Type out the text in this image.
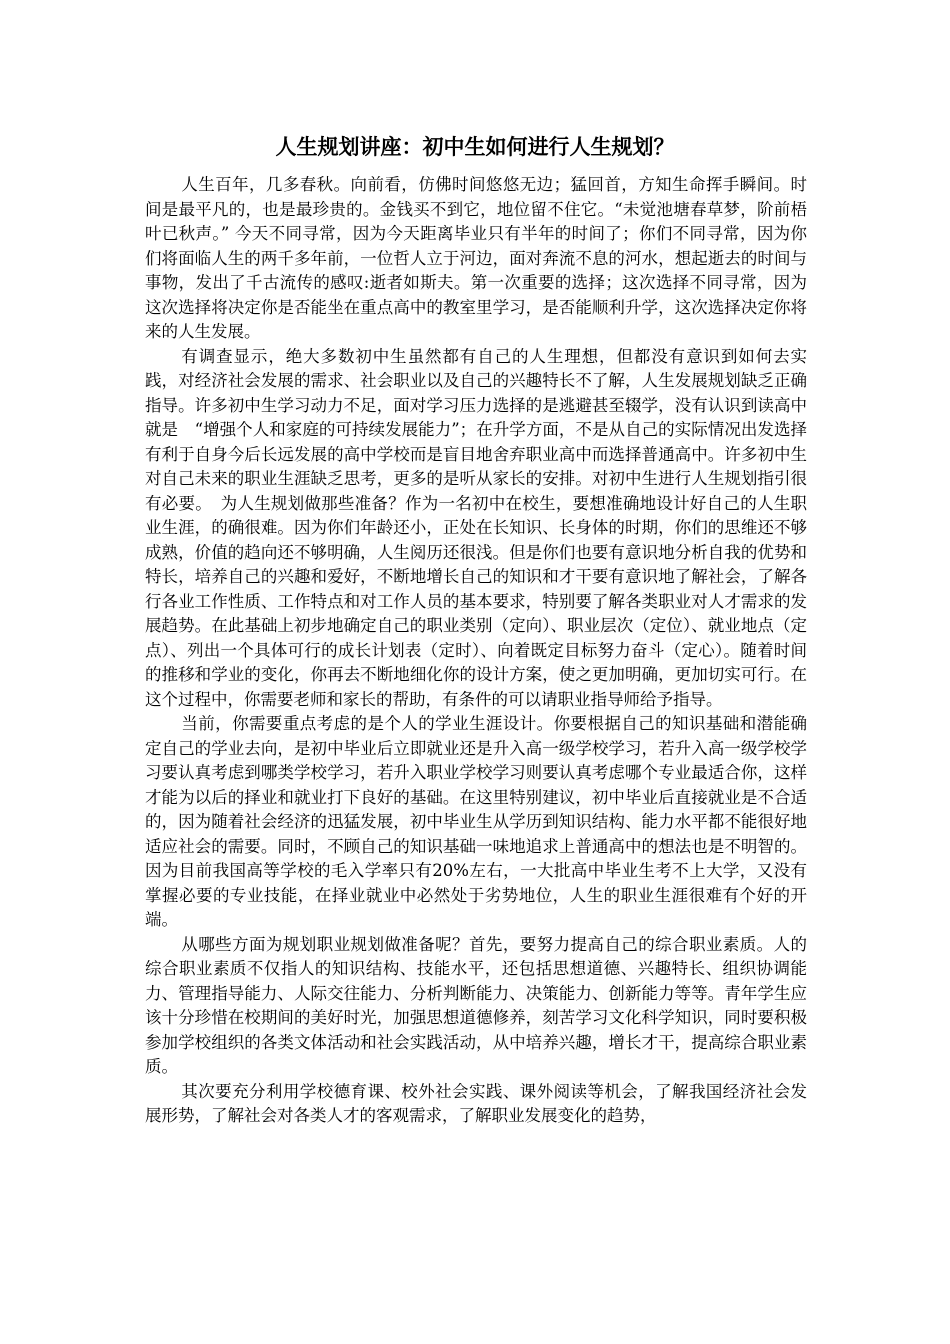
人生规划讲座：初中生如何进行人生规划？

人生百年，几多春秋。向前看，仿佛时间悠悠无边；猛回首，方知生命挥手瞬间。时间是最平凡的，也是最珍贵的。金钱买不到它，地位留不住它。“未觉池塘春草梦，阶前梧叶已秋声。” 今天不同寻常，因为今天距离毕业只有半年的时间了；你们不同寻常，因为你们将面临人生的两千多年前，一位哲人立于河边，面对奔流不息的河水，想起逝去的时间与事物，发出了千古流传的感叹:逝者如斯夫。第一次重要的选择；这次选择不同寻常，因为这次选择将决定你是否能坐在重点高中的教室里学习，是否能顺利升学，这次选择决定你将来的人生发展。

有调查显示，绝大多数初中生虽然都有自己的人生理想，但都没有意识到如何去实践，对经济社会发展的需求、社会职业以及自己的兴趣特长不了解，人生发展规划缺乏正确指导。许多初中生学习动力不足，面对学习压力选择的是逃避甚至辍学，没有认识到读高中就是　“增强个人和家庭的可持续发展能力”；在升学方面，不是从自己的实际情况出发选择有利于自身今后长远发展的高中学校而是盲目地舍弃职业高中而选择普通高中。许多初中生对自己未来的职业生涯缺乏思考，更多的是听从家长的安排。对初中生进行人生规划指引很有必要。　为人生规划做那些准备？作为一名初中在校生，要想准确地设计好自己的人生职业生涯，的确很难。因为你们年龄还小，正处在长知识、长身体的时期，你们的思维还不够成熟，价值的趋向还不够明确，人生阅历还很浅。但是你们也要有意识地分析自我的优势和特长，培养自己的兴趣和爱好，不断地增长自己的知识和才干要有意识地了解社会，了解各行各业工作性质、工作特点和对工作人员的基本要求，特别要了解各类职业对人才需求的发展趋势。在此基础上初步地确定自己的职业类别（定向）、职业层次（定位）、就业地点（定点）、列出一个具体可行的成长计划表（定时）、向着既定目标努力奋斗（定心）。随着时间的推移和学业的变化，你再去不断地细化你的设计方案，使之更加明确，更加切实可行。在这个过程中，你需要老师和家长的帮助，有条件的可以请职业指导师给予指导。

当前，你需要重点考虑的是个人的学业生涯设计。你要根据自己的知识基础和潜能确定自己的学业去向，是初中毕业后立即就业还是升入高一级学校学习，若升入高一级学校学习要认真考虑到哪类学校学习，若升入职业学校学习则要认真考虑哪个专业最适合你，这样才能为以后的择业和就业打下良好的基础。在这里特别建议，初中毕业后直接就业是不合适的，因为随着社会经济的迅猛发展，初中毕业生从学历到知识结构、能力水平都不能很好地适应社会的需要。同时，不顾自己的知识基础一味地追求上普通高中的想法也是不明智的。因为目前我国高等学校的毛入学率只有20%左右，一大批高中毕业生考不上大学，又没有掌握必要的专业技能，在择业就业中必然处于劣势地位，人生的职业生涯很难有个好的开端。

从哪些方面为规划职业规划做准备呢？首先，要努力提高自己的综合职业素质。人的综合职业素质不仅指人的知识结构、技能水平，还包括思想道德、兴趣特长、组织协调能力、管理指导能力、人际交往能力、分析判断能力、决策能力、创新能力等等。青年学生应该十分珍惜在校期间的美好时光，加强思想道德修养，刻苦学习文化科学知识，同时要积极参加学校组织的各类文体活动和社会实践活动，从中培养兴趣，增长才干，提高综合职业素质。

其次要充分利用学校德育课、校外社会实践、课外阅读等机会，了解我国经济社会发展形势，了解社会对各类人才的客观需求，了解职业发展变化的趋势，
